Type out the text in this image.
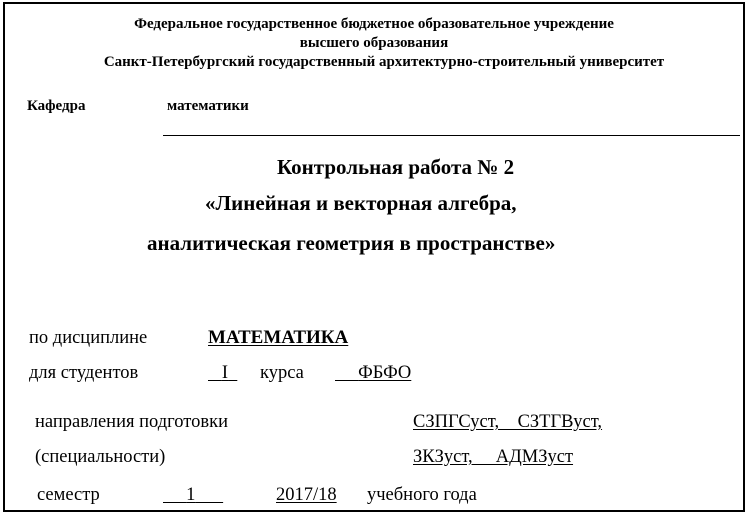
Федеральное государственное бюджетное образовательное учреждение
высшего образования
Санкт-Петербургский государственный архитектурно-строительный университет
Кафедра	математики
Контрольная работа № 2
«Линейная и векторная алгебра,
аналитическая геометрия в пространстве»
по дисциплине	МАТЕМАТИКА
для студентов	I	курса	ФБФО
направления подготовки	СЗПГСуст,    СЗТГВуст,
(специальности)	ЗКЗуст,     АДМЗуст
семестр	1	2017/18 учебного года
